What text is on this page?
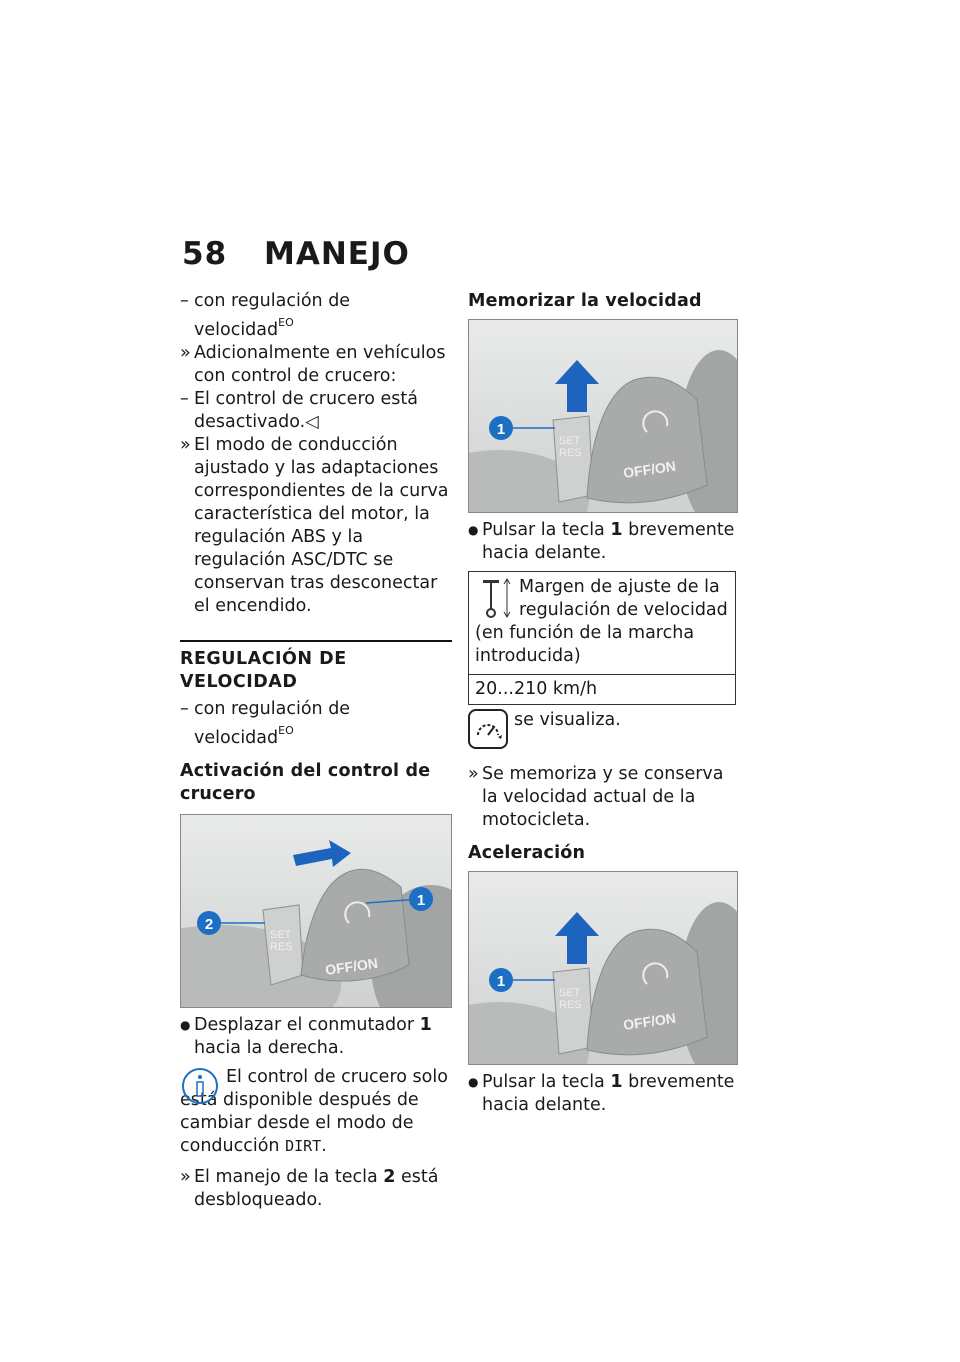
58 MANEJO
– con regulación de velocidad$^{EO}$
» Adicionalmente en vehículos con control de crucero:
– El control de crucero está desactivado.◁
» El modo de conducción ajustado y las adaptaciones correspondientes de la curva característica del motor, la regulación ABS y la regulación ASC/DTC se conservan tras desconectar el encendido.
REGULACIÓN DE VELOCIDAD
– con regulación de velocidad$^{EO}$
Activación del control de crucero
2
1
SET
RES
OFF/ON
● Desplazar el conmutador 1
hacia la derecha.
El control de crucero solo está disponible después de cambiar desde el modo de conducción DIRT.
» El manejo de la tecla 2 está desbloqueado.
Memorizar la velocidad
1
SET
RES
OFF/ON
● Pulsar la tecla 1 brevemente hacia delante.
Margen de ajuste de la regulación de velocidad (en función de la marcha introducida)
20...210 km/h
se visualiza.
» Se memoriza y se conserva la velocidad actual de la motocicleta.
Aceleración
1
SET
RES
OFF/ON
● Pulsar la tecla 1 brevemente hacia delante.
